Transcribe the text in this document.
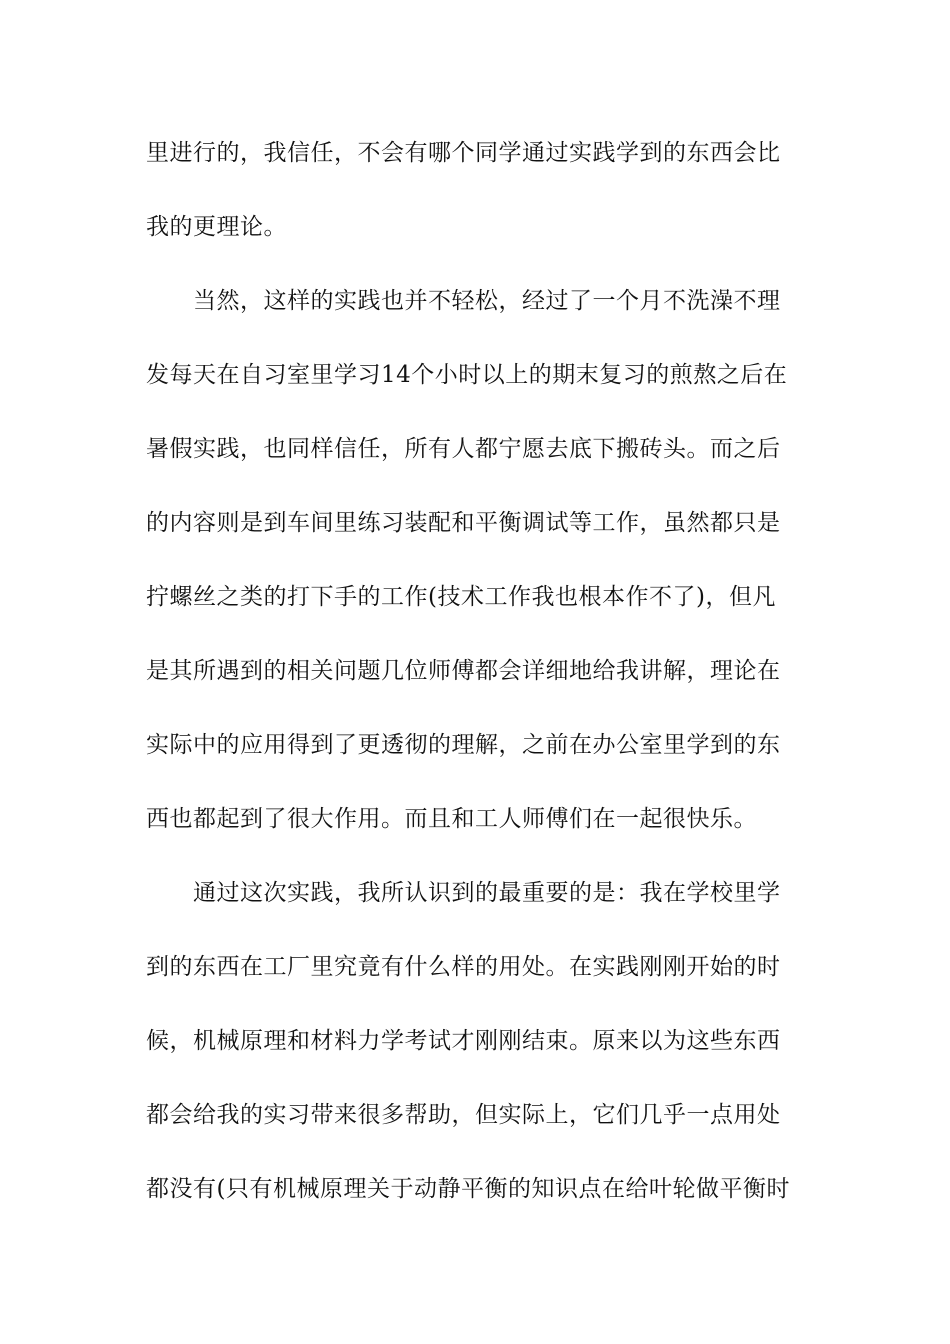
里进行的，我信任，不会有哪个同学通过实践学到的东西会比
我的更理论。
当然，这样的实践也并不轻松，经过了一个月不洗澡不理
发每天在自习室里学习14个小时以上的期末复习的煎熬之后在
暑假实践，也同样信任，所有人都宁愿去底下搬砖头。而之后
的内容则是到车间里练习装配和平衡调试等工作，虽然都只是
拧螺丝之类的打下手的工作(技术工作我也根本作不了)，但凡
是其所遇到的相关问题几位师傅都会详细地给我讲解，理论在
实际中的应用得到了更透彻的理解，之前在办公室里学到的东
西也都起到了很大作用。而且和工人师傅们在一起很快乐。
通过这次实践，我所认识到的最重要的是：我在学校里学
到的东西在工厂里究竟有什么样的用处。在实践刚刚开始的时
候，机械原理和材料力学考试才刚刚结束。原来以为这些东西
都会给我的实习带来很多帮助，但实际上，它们几乎一点用处
都没有(只有机械原理关于动静平衡的知识点在给叶轮做平衡时
